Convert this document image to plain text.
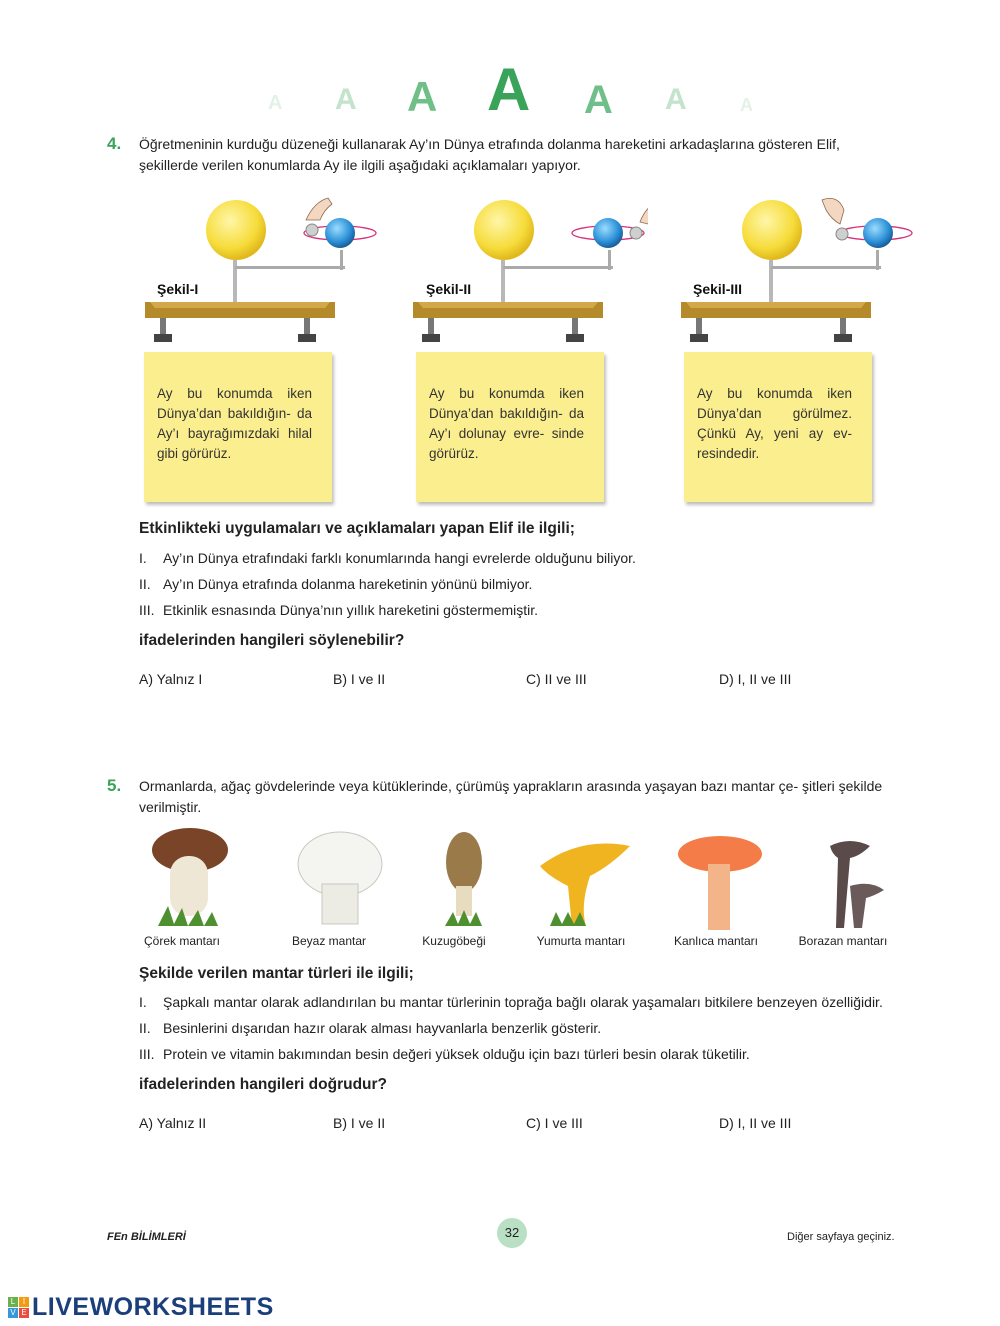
A A A A A A	A
4. Öğretmeninin kurduğu düzeneği kullanarak Ay’ın Dünya etrafında dolanma hareketini arkadaşlarına gösteren Elif, şekillerde verilen konumlarda Ay ile ilgili aşağıdaki açıklamaları yapıyor.
Şekil-I
Ay bu konumda iken Dünya’dan bakıldığın- da Ay’ı bayrağımızdaki hilal gibi görürüz.
Şekil-II
Ay bu konumda iken Dünya’dan bakıldığın- da Ay’ı dolunay evre- sinde görürüz.
Şekil-III
Ay bu konumda iken Dünya’dan görülmez. Çünkü Ay, yeni ay ev- resindedir.
Etkinlikteki uygulamaları ve açıklamaları yapan Elif ile ilgili;
I. Ay’ın Dünya etrafındaki farklı konumlarında hangi evrelerde olduğunu biliyor.
II. Ay’ın Dünya etrafında dolanma hareketinin yönünü bilmiyor.
III. Etkinlik esnasında Dünya’nın yıllık hareketini göstermemiştir.
ifadelerinden hangileri söylenebilir?
A) Yalnız I	B) I ve II	C) II ve III	D) I, II ve III
5. Ormanlarda, ağaç gövdelerinde veya kütüklerinde, çürümüş yaprakların arasında yaşayan bazı mantar çe- şitleri şekilde verilmiştir.
Çörek mantarı	Beyaz mantar	Kuzugöbeği	Yumurta mantarı	Kanlıca mantarı	Borazan mantarı
Şekilde verilen mantar türleri ile ilgili;
I. Şapkalı mantar olarak adlandırılan bu mantar türlerinin toprağa bağlı olarak yaşamaları bitkilere benzeyen özelliğidir.
II. Besinlerini dışarıdan hazır olarak alması hayvanlarla benzerlik gösterir.
III. Protein ve vitamin bakımından besin değeri yüksek olduğu için bazı türleri besin olarak tüketilir.
ifadelerinden hangileri doğrudur?
A) Yalnız II	B) I ve II	C) I ve III	D) I, II ve III
FEn BİLİMLERİ	32	Diğer sayfaya geçiniz.
L I
V E LIVEWORKSHEETS
